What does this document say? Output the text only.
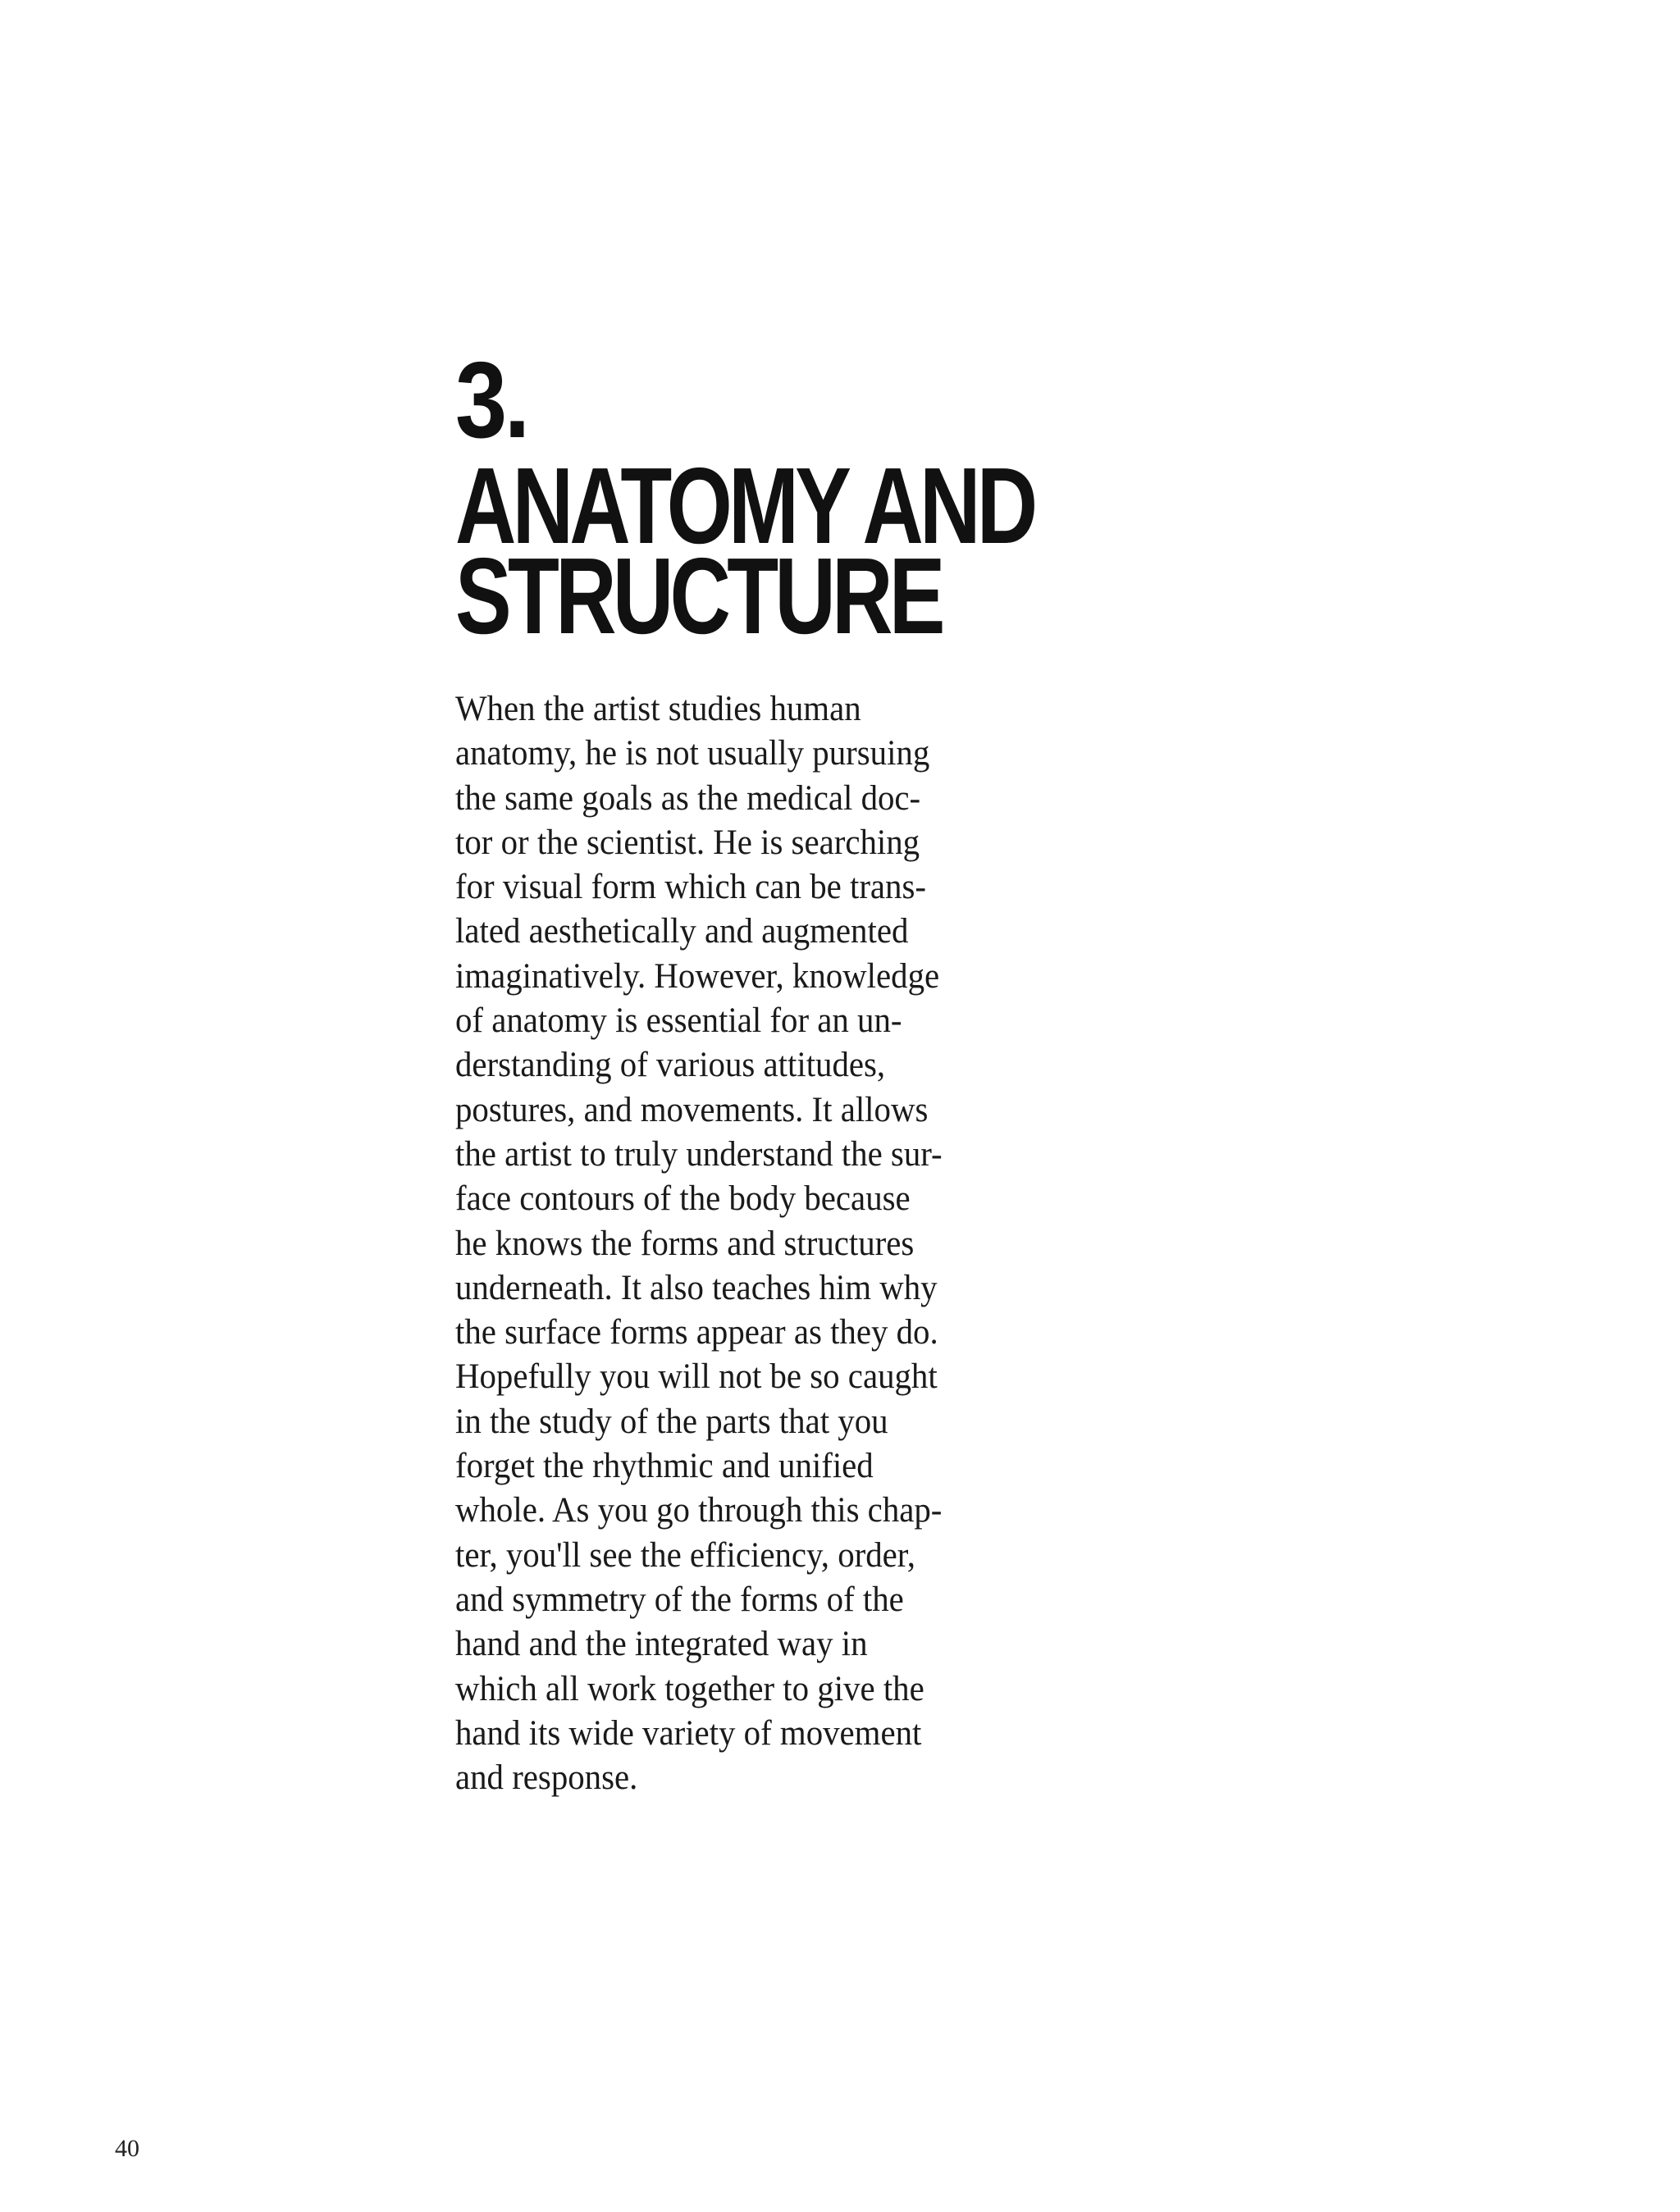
3.
ANATOMY AND
STRUCTURE

When the artist studies human
anatomy, he is not usually pursuing
the same goals as the medical doc-
tor or the scientist. He is searching
for visual form which can be trans-
lated aesthetically and augmented
imaginatively. However, knowledge
of anatomy is essential for an un-
derstanding of various attitudes,
postures, and movements. It allows
the artist to truly understand the sur-
face contours of the body because
he knows the forms and structures
underneath. It also teaches him why
the surface forms appear as they do.
Hopefully you will not be so caught
in the study of the parts that you
forget the rhythmic and unified
whole. As you go through this chap-
ter, you'll see the efficiency, order,
and symmetry of the forms of the
hand and the integrated way in
which all work together to give the
hand its wide variety of movement
and response.

40
